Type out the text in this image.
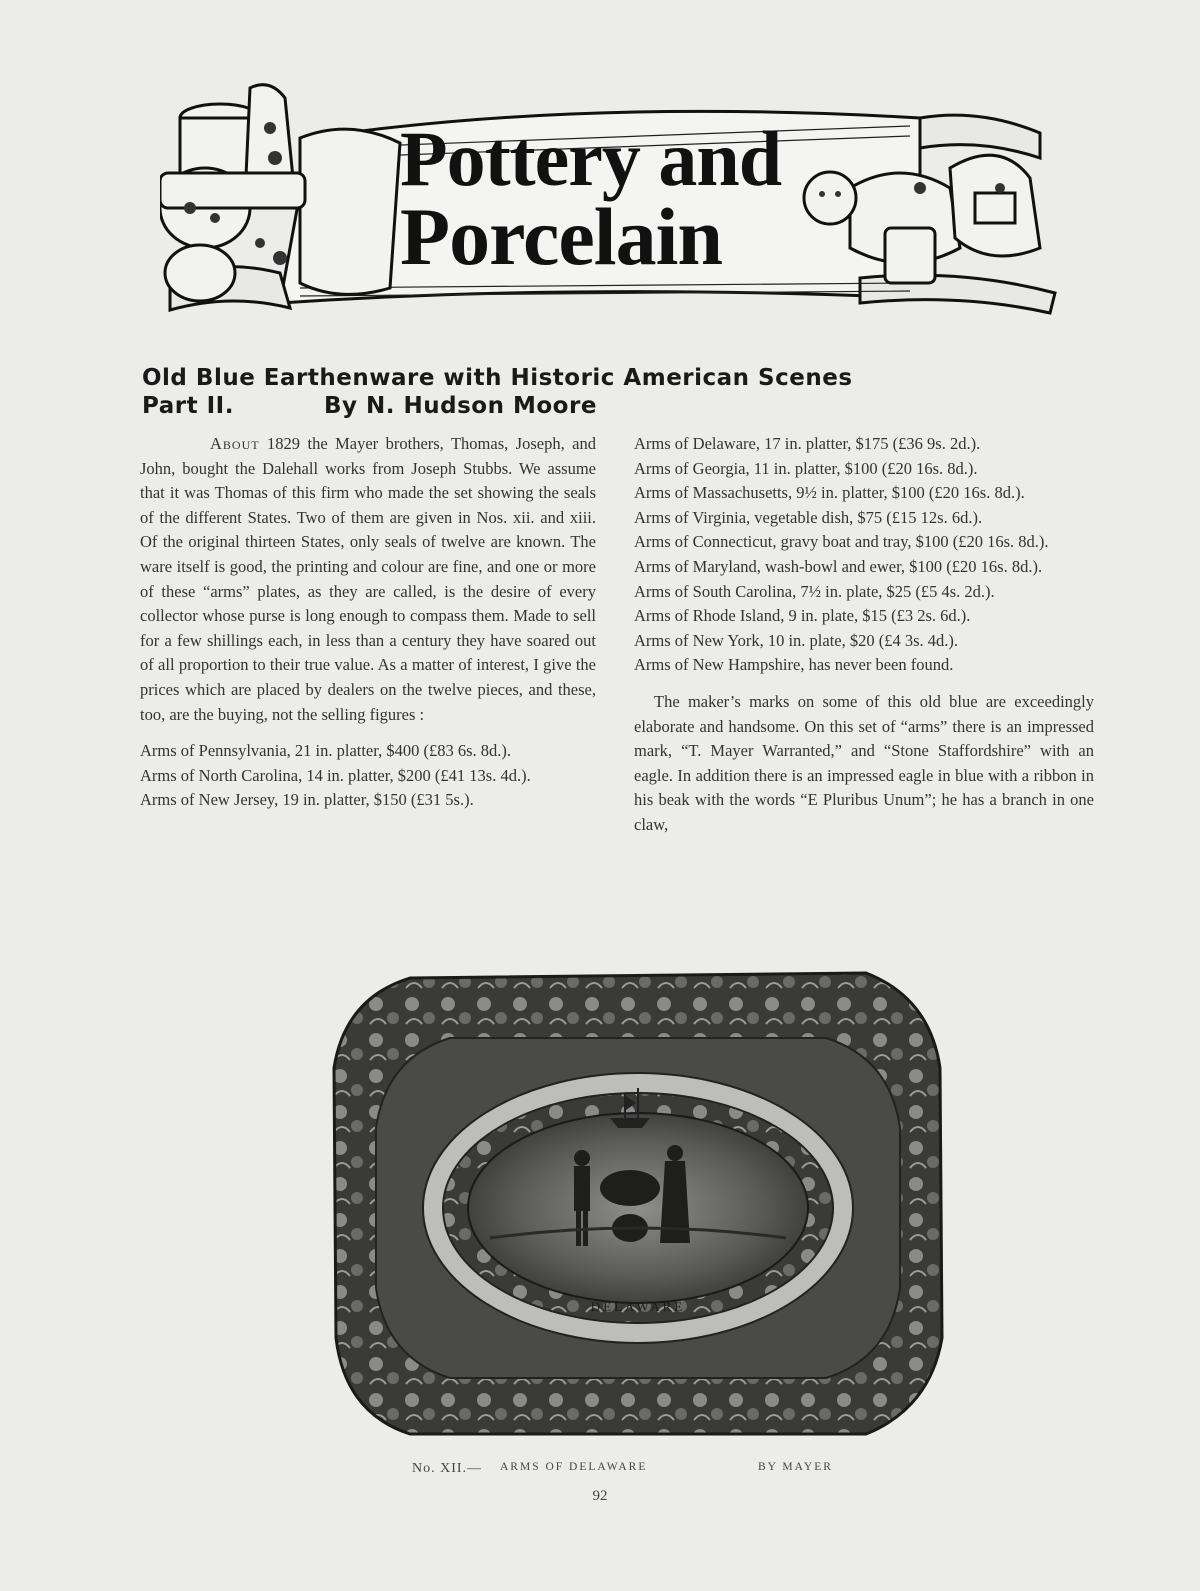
Pottery and
Porcelain
Old Blue Earthenware with Historic American Scenes
Part II.	By N. Hudson Moore

About 1829 the Mayer brothers, Thomas, Joseph, and John, bought the Dalehall works from Joseph Stubbs. We assume that it was Thomas of this firm who made the set showing the seals of the different States. Two of them are given in Nos. xii. and xiii. Of the original thirteen States, only seals of twelve are known. The ware itself is good, the printing and colour are fine, and one or more of these “arms” plates, as they are called, is the desire of every collector whose purse is long enough to compass them. Made to sell for a few shillings each, in less than a century they have soared out of all proportion to their true value. As a matter of interest, I give the prices which are placed by dealers on the twelve pieces, and these, too, are the buying, not the selling figures :

Arms of Pennsylvania, 21 in. platter, $400 (£83 6s. 8d.).
Arms of North Carolina, 14 in. platter, $200 (£41 13s. 4d.).
Arms of New Jersey, 19 in. platter, $150 (£31 5s.).
Arms of Delaware, 17 in. platter, $175 (£36 9s. 2d.).
Arms of Georgia, 11 in. platter, $100 (£20 16s. 8d.).
Arms of Massachusetts, 9½ in. platter, $100 (£20 16s. 8d.).
Arms of Virginia, vegetable dish, $75 (£15 12s. 6d.).
Arms of Connecticut, gravy boat and tray, $100 (£20 16s. 8d.).
Arms of Maryland, wash-bowl and ewer, $100 (£20 16s. 8d.).
Arms of South Carolina, 7½ in. plate, $25 (£5 4s. 2d.).
Arms of Rhode Island, 9 in. plate, $15 (£3 2s. 6d.).
Arms of New York, 10 in. plate, $20 (£4 3s. 4d.).
Arms of New Hampshire, has never been found.

The maker’s marks on some of this old blue are exceedingly elaborate and handsome. On this set of “arms” there is an impressed mark, “T. Mayer Warranted,” and “Stone Staffordshire” with an eagle. In addition there is an impressed eagle in blue with a ribbon in his beak with the words “E Pluribus Unum”; he has a branch in one claw,

DELAWARE
No. XII.— ARMS OF DELAWARE	BY MAYER
92
